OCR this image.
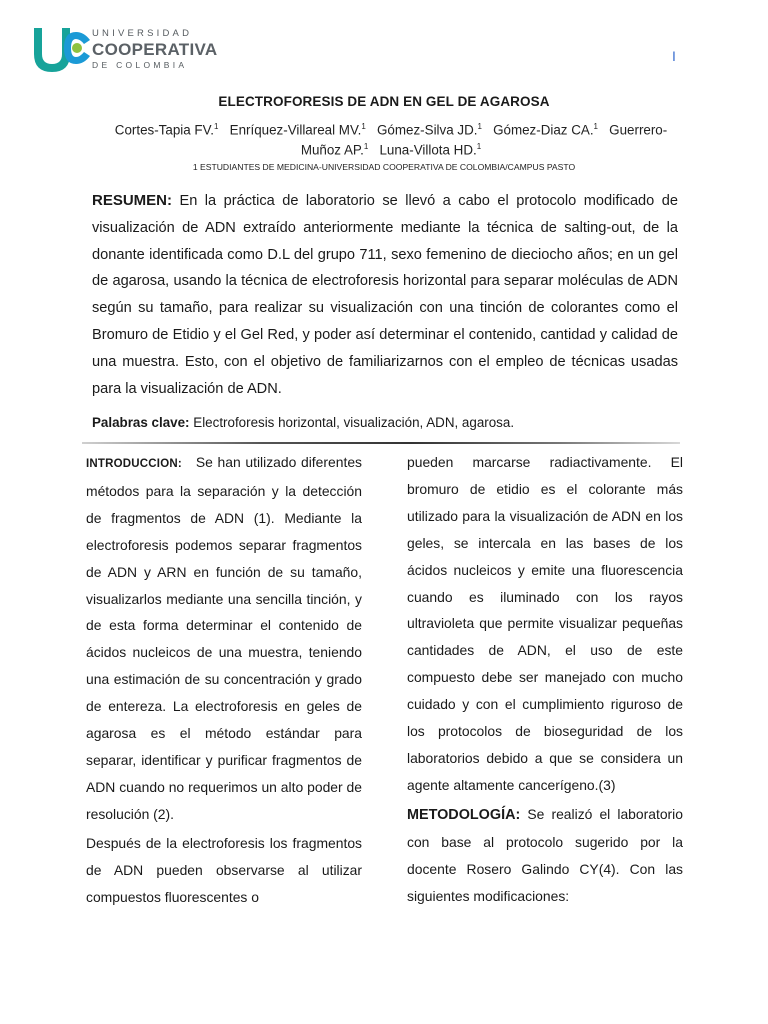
UNIVERSIDAD
COOPERATIVA
DE COLOMBIA
I
ELECTROFORESIS DE ADN EN GEL DE AGAROSA
Cortes-Tapia FV.$^1$ Enríquez-Villareal MV.$^1$ Gómez-Silva JD.$^1$ Gómez-Diaz CA.$^1$ Guerrero-
Muñoz AP.$^1$ Luna-Villota HD.$^1$
1 ESTUDIANTES DE MEDICINA-UNIVERSIDAD COOPERATIVA DE COLOMBIA/CAMPUS PASTO
RESUMEN: En la práctica de laboratorio se llevó a cabo el protocolo modificado de visualización de ADN extraído anteriormente mediante la técnica de salting-out, de la donante identificada como D.L del grupo 711, sexo femenino de dieciocho años; en un gel de agarosa, usando la técnica de electroforesis horizontal para separar moléculas de ADN según su tamaño, para realizar su visualización con una tinción de colorantes como el Bromuro de Etidio y el Gel Red, y poder así determinar el contenido, cantidad y calidad de una muestra. Esto, con el objetivo de familiarizarnos con el empleo de técnicas usadas para la visualización de ADN.
Palabras clave: Electroforesis horizontal, visualización, ADN, agarosa.

INTRODUCCION: Se han utilizado diferentes métodos para la separación y la detección de fragmentos de ADN (1). Mediante la electroforesis podemos separar fragmentos de ADN y ARN en función de su tamaño, visualizarlos mediante una sencilla tinción, y de esta forma determinar el contenido de ácidos nucleicos de una muestra, teniendo una estimación de su concentración y grado de entereza. La electroforesis en geles de agarosa es el método estándar para separar, identificar y purificar fragmentos de ADN cuando no requerimos un alto poder de resolución (2).

Después de la electroforesis los fragmentos de ADN pueden observarse al utilizar compuestos fluorescentes o

pueden marcarse radiactivamente. El bromuro de etidio es el colorante más utilizado para la visualización de ADN en los geles, se intercala en las bases de los ácidos nucleicos y emite una fluorescencia cuando es iluminado con los rayos ultravioleta que permite visualizar pequeñas cantidades de ADN, el uso de este compuesto debe ser manejado con mucho cuidado y con el cumplimiento riguroso de los protocolos de bioseguridad de los laboratorios debido a que se considera un agente altamente cancerígeno.(3)

METODOLOGÍA: Se realizó el laboratorio con base al protocolo sugerido por la docente Rosero Galindo CY(4). Con las siguientes modificaciones:
